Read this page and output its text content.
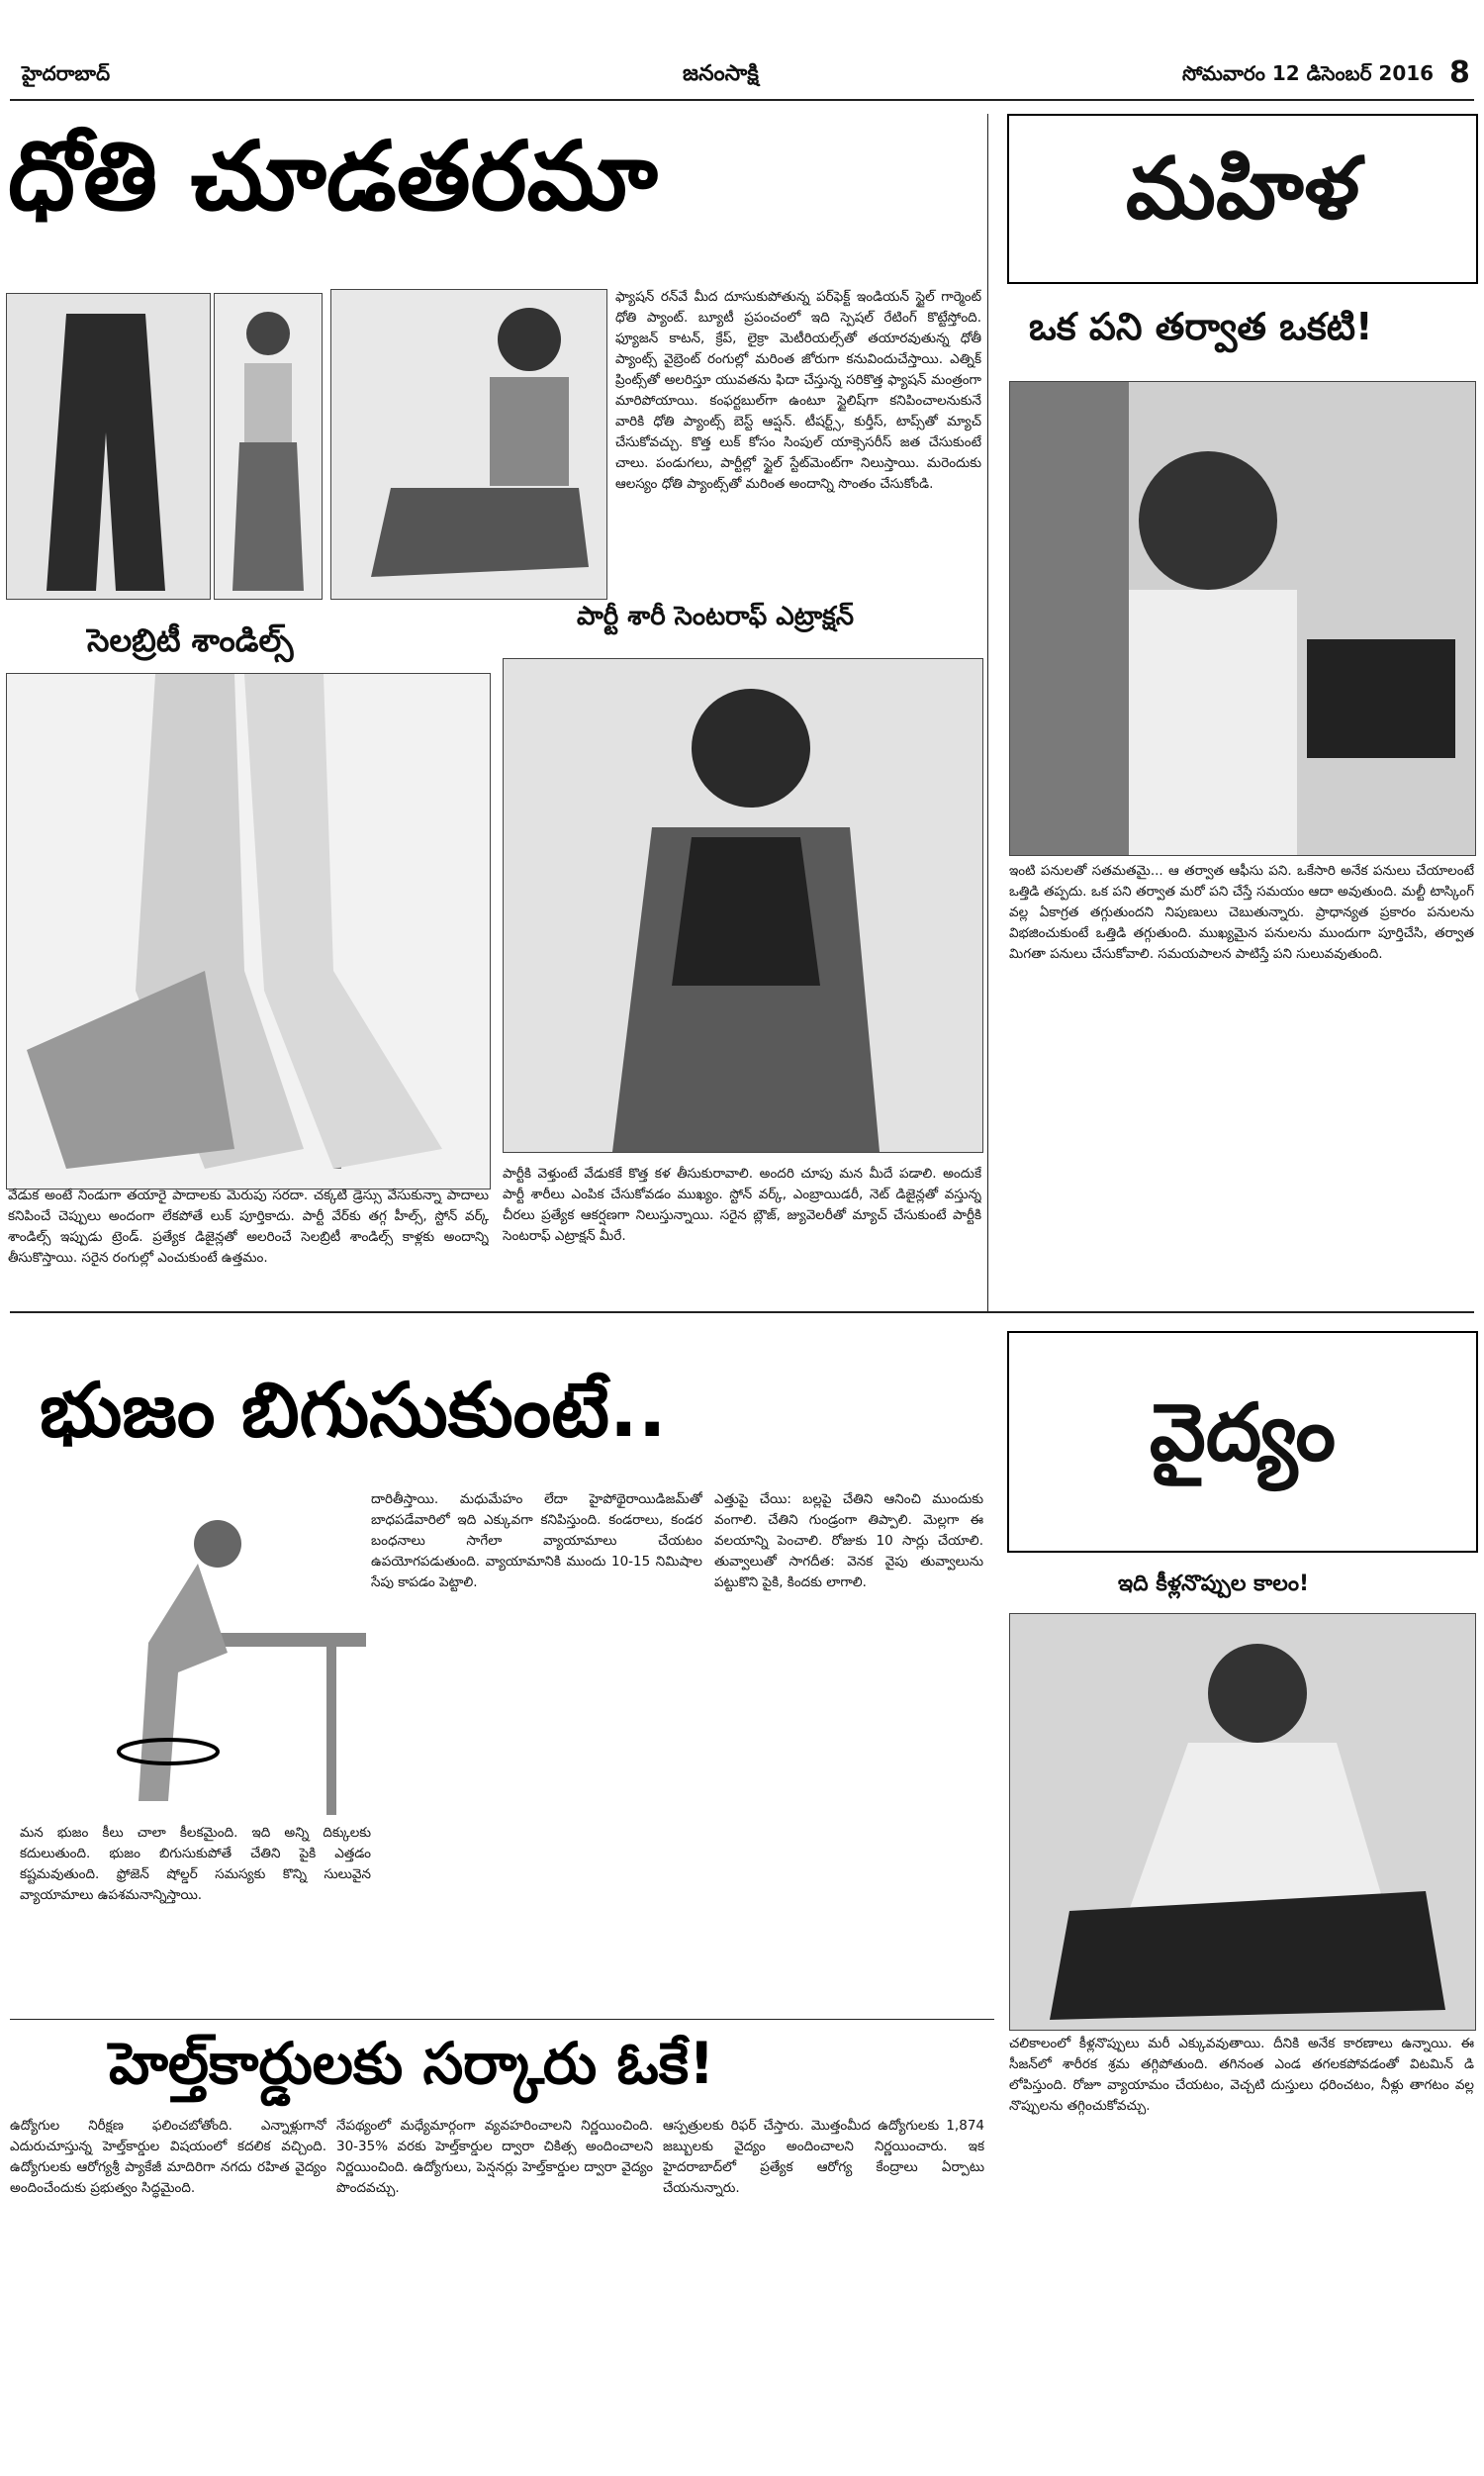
హైదరాబాద్	జనంసాక్షి	సోమవారం 12 డిసెంబర్ 2016 8
ధోతి చూడతరమా
ఫ్యాషన్ రన్‌వే మీద దూసుకుపోతున్న పర్‌ఫెక్ట్ ఇండియన్ స్టైల్ గార్మెంట్ ధోతి ప్యాంట్. బ్యూటీ ప్రపంచంలో ఇది స్పెషల్ రేటింగ్ కొట్టేస్తోంది. ఫ్యూజన్ కాటన్, క్రేప్, లైక్రా మెటీరియల్స్‌తో తయారవుతున్న ధోతీ ప్యాంట్స్ వైబ్రెంట్ రంగుల్లో మరింత జోరుగా కనువిందుచేస్తాయి. ఎత్నిక్ ప్రింట్స్‌తో అలరిస్తూ యువతను ఫిదా చేస్తున్న సరికొత్త ఫ్యాషన్ మంత్రంగా మారిపోయాయి. కంఫర్టబుల్‌గా ఉంటూ స్టైలిష్‌గా కనిపించాలనుకునే వారికి ధోతి ప్యాంట్స్ బెస్ట్ ఆప్షన్. టీషర్ట్స్, కుర్తీస్, టాప్స్‌తో మ్యాచ్ చేసుకోవచ్చు. కొత్త లుక్ కోసం సింపుల్ యాక్సెసరీస్ జత చేసుకుంటే చాలు. పండుగలు, పార్టీల్లో స్టైల్ స్టేట్‌మెంట్‌గా నిలుస్తాయి. మరెందుకు ఆలస్యం ధోతి ప్యాంట్స్‌తో మరింత అందాన్ని సొంతం చేసుకోండి.
సెలబ్రిటీ శాండిల్స్
పార్టీ శారీ సెంటరాఫ్ ఎట్రాక్షన్
వేడుక అంటే నిండుగా తయారై పాదాలకు మెరుపు సరదా. చక్కటి డ్రెస్సు వేసుకున్నా పాదాలు కనిపించే చెప్పులు అందంగా లేకపోతే లుక్ పూర్తికాదు. పార్టీ వేర్‌కు తగ్గ హీల్స్, స్టోన్ వర్క్ శాండిల్స్ ఇప్పుడు ట్రెండ్. ప్రత్యేక డిజైన్లతో అలరించే సెలబ్రిటీ శాండిల్స్ కాళ్లకు అందాన్ని తీసుకొస్తాయి. సరైన రంగుల్లో ఎంచుకుంటే ఉత్తమం.
పార్టీకి వెళ్తుంటే వేడుకకే కొత్త కళ తీసుకురావాలి. అందరి చూపు మన మీదే పడాలి. అందుకే పార్టీ శారీలు ఎంపిక చేసుకోవడం ముఖ్యం. స్టోన్ వర్క్, ఎంబ్రాయిడరీ, నెట్ డిజైన్లతో వస్తున్న చీరలు ప్రత్యేక ఆకర్షణగా నిలుస్తున్నాయి. సరైన బ్లౌజ్, జ్యువెలరీతో మ్యాచ్ చేసుకుంటే పార్టీకి సెంటరాఫ్ ఎట్రాక్షన్ మీరే.
మహిళ
ఒక పని తర్వాత ఒకటి!
ఇంటి పనులతో సతమతమై... ఆ తర్వాత ఆఫీసు పని. ఒకేసారి అనేక పనులు చేయాలంటే ఒత్తిడి తప్పదు. ఒక పని తర్వాత మరో పని చేస్తే సమయం ఆదా అవుతుంది. మల్టీ టాస్కింగ్ వల్ల ఏకాగ్రత తగ్గుతుందని నిపుణులు చెబుతున్నారు. ప్రాధాన్యత ప్రకారం పనులను విభజించుకుంటే ఒత్తిడి తగ్గుతుంది. ముఖ్యమైన పనులను ముందుగా పూర్తిచేసి, తర్వాత మిగతా పనులు చేసుకోవాలి. సమయపాలన పాటిస్తే పని సులువవుతుంది.
భుజం బిగుసుకుంటే..
మన భుజం కీలు చాలా కీలకమైంది. ఇది అన్ని దిక్కులకు కదులుతుంది. భుజం బిగుసుకుపోతే చేతిని పైకి ఎత్తడం కష్టమవుతుంది. ఫ్రోజెన్ షోల్డర్ సమస్యకు కొన్ని సులువైన వ్యాయామాలు ఉపశమనాన్నిస్తాయి.
దారితీస్తాయి. మధుమేహం లేదా హైపోథైరాయిడిజమ్‌తో బాధపడేవారిలో ఇది ఎక్కువగా కనిపిస్తుంది. కండరాలు, కండర బంధనాలు సాగేలా వ్యాయామాలు చేయటం ఉపయోగపడుతుంది. వ్యాయామానికి ముందు 10-15 నిమిషాల సేపు కాపడం పెట్టాలి.
ఎత్తుపై చేయి: బల్లపై చేతిని ఆనించి ముందుకు వంగాలి. చేతిని గుండ్రంగా తిప్పాలి. మెల్లగా ఈ వలయాన్ని పెంచాలి. రోజుకు 10 సార్లు చేయాలి. తువ్వాలుతో సాగదీత: వెనక వైపు తువ్వాలును పట్టుకొని పైకి, కిందకు లాగాలి.
వైద్యం
ఇది కీళ్లనొప్పుల కాలం!
చలికాలంలో కీళ్లనొప్పులు మరీ ఎక్కువవుతాయి. దీనికి అనేక కారణాలు ఉన్నాయి. ఈ సీజన్‌లో శారీరక శ్రమ తగ్గిపోతుంది. తగినంత ఎండ తగలకపోవడంతో విటమిన్ డి లోపిస్తుంది. రోజూ వ్యాయామం చేయటం, వెచ్చటి దుస్తులు ధరించటం, నీళ్లు తాగటం వల్ల నొప్పులను తగ్గించుకోవచ్చు.
హెల్త్‌కార్డులకు సర్కారు ఓకే!
ఉద్యోగుల నిరీక్షణ ఫలించబోతోంది. ఎన్నాళ్లుగానో ఎదురుచూస్తున్న హెల్త్‌కార్డుల విషయంలో కదలిక వచ్చింది. ఉద్యోగులకు ఆరోగ్యశ్రీ ప్యాకేజీ మాదిరిగా నగదు రహిత వైద్యం అందించేందుకు ప్రభుత్వం సిద్ధమైంది.
నేపథ్యంలో మధ్యేమార్గంగా వ్యవహరించాలని నిర్ణయించింది. 30-35% వరకు హెల్త్‌కార్డుల ద్వారా చికిత్స అందించాలని నిర్ణయించింది. ఉద్యోగులు, పెన్షనర్లు హెల్త్‌కార్డుల ద్వారా వైద్యం పొందవచ్చు.
ఆస్పత్రులకు రిఫర్ చేస్తారు. మొత్తంమీద ఉద్యోగులకు 1,874 జబ్బులకు వైద్యం అందించాలని నిర్ణయించారు. ఇక హైదరాబాద్‌లో ప్రత్యేక ఆరోగ్య కేంద్రాలు ఏర్పాటు చేయనున్నారు.
